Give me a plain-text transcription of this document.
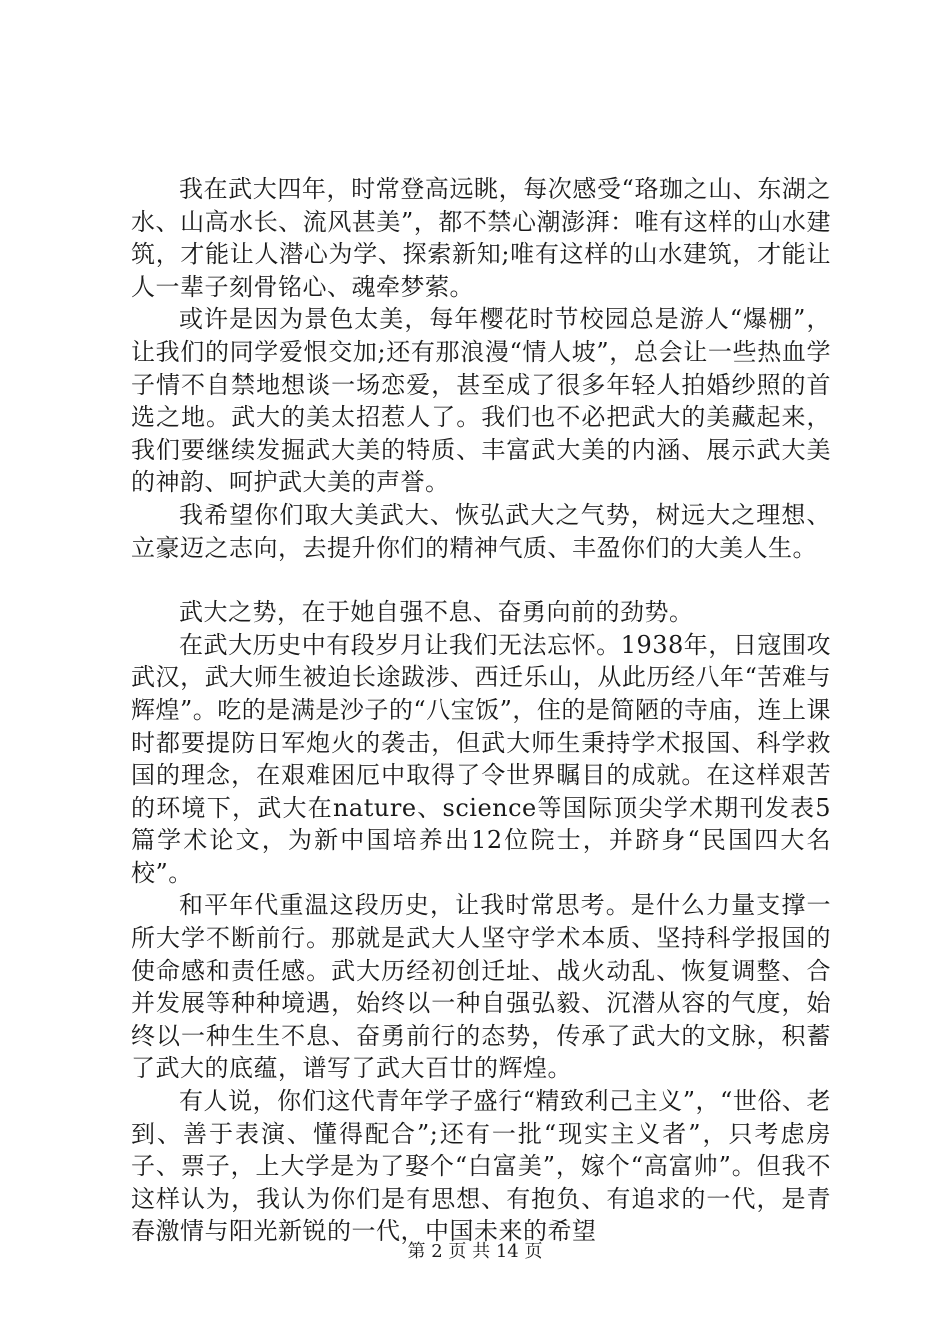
我在武大四年，时常登高远眺，每次感受“珞珈之山、东湖之水、山高水长、流风甚美”，都不禁心潮澎湃：唯有这样的山水建筑，才能让人潜心为学、探索新知;唯有这样的山水建筑，才能让人一辈子刻骨铭心、魂牵梦萦。

或许是因为景色太美，每年樱花时节校园总是游人“爆棚”，让我们的同学爱恨交加;还有那浪漫“情人坡”，总会让一些热血学子情不自禁地想谈一场恋爱，甚至成了很多年轻人拍婚纱照的首选之地。武大的美太招惹人了。我们也不必把武大的美藏起来，我们要继续发掘武大美的特质、丰富武大美的内涵、展示武大美的神韵、呵护武大美的声誉。

我希望你们取大美武大、恢弘武大之气势，树远大之理想、立豪迈之志向，去提升你们的精神气质、丰盈你们的大美人生。

武大之势，在于她自强不息、奋勇向前的劲势。

在武大历史中有段岁月让我们无法忘怀。1938年，日寇围攻武汉，武大师生被迫长途跋涉、西迁乐山，从此历经八年“苦难与辉煌”。吃的是满是沙子的“八宝饭”，住的是简陋的寺庙，连上课时都要提防日军炮火的袭击，但武大师生秉持学术报国、科学救国的理念，在艰难困厄中取得了令世界瞩目的成就。在这样艰苦的环境下，武大在nature、science等国际顶尖学术期刊发表5篇学术论文，为新中国培养出12位院士，并跻身“民国四大名校”。

和平年代重温这段历史，让我时常思考。是什么力量支撑一所大学不断前行。那就是武大人坚守学术本质、坚持科学报国的使命感和责任感。武大历经初创迁址、战火动乱、恢复调整、合并发展等种种境遇，始终以一种自强弘毅、沉潜从容的气度，始终以一种生生不息、奋勇前行的态势，传承了武大的文脉，积蓄了武大的底蕴，谱写了武大百廿的辉煌。

有人说，你们这代青年学子盛行“精致利己主义”，“世俗、老到、善于表演、懂得配合”;还有一批“现实主义者”，只考虑房子、票子，上大学是为了娶个“白富美”，嫁个“高富帅”。但我不这样认为，我认为你们是有思想、有抱负、有追求的一代，是青春激情与阳光新锐的一代，中国未来的希望

第 2 页 共 14 页
